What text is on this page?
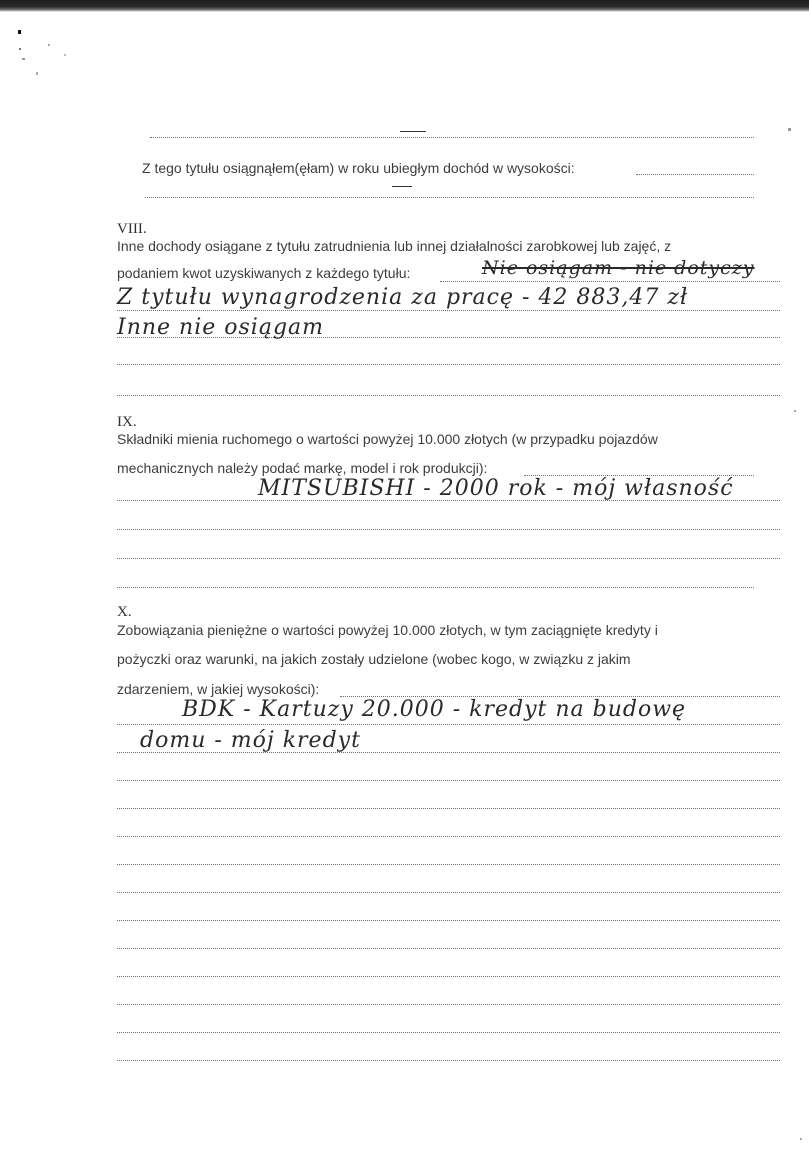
Z tego tytułu osiągnąłem(ęłam) w roku ubiegłym dochód w wysokości:
VIII.
Inne dochody osiągane z tytułu zatrudnienia lub innej działalności zarobkowej lub zajęć, z
podaniem kwot uzyskiwanych z każdego tytułu:	Nie osiągam - nie dotyczy
Z tytułu wynagrodzenia za pracę - 42 883,47 zł
Inne nie osiągam
IX.
Składniki mienia ruchomego o wartości powyżej 10.000 złotych (w przypadku pojazdów
mechanicznych należy podać markę, model i rok produkcji):
MITSUBISHI - 2000 rok - mój własność
X.
Zobowiązania pieniężne o wartości powyżej 10.000 złotych, w tym zaciągnięte kredyty i
pożyczki oraz warunki, na jakich zostały udzielone (wobec kogo, w związku z jakim
zdarzeniem, w jakiej wysokości):
BDK - Kartuzy 20.000 - kredyt na budowę
domu - mój kredyt
